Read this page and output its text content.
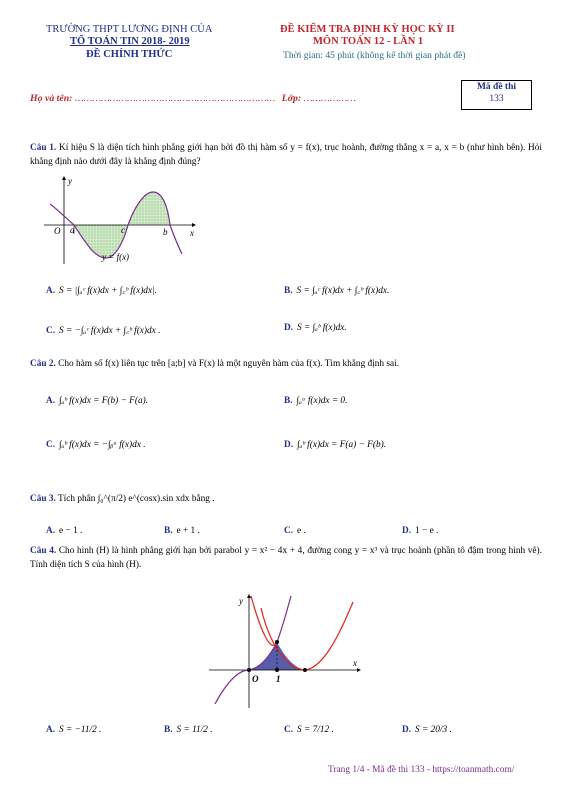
TRƯỜNG THPT LƯƠNG ĐỊNH CỦA
TỔ TOÁN TIN 2018- 2019
ĐỀ CHÍNH THỨC
ĐỀ KIỂM TRA ĐỊNH KỲ HỌC KỲ II
MÔN TOÁN 12 - LẦN 1
Thời gian: 45 phút (không kể thời gian phát đề)
Mã đề thi
133
Họ và tên: …………………………………………………………… Lớp: ………………
Câu 1. Kí hiệu S là diện tích hình phẳng giới hạn bởi đồ thị hàm số y = f(x), trục hoành, đường thẳng x = a, x = b (như hình bên). Hỏi khẳng định nào dưới đây là khẳng định đúng?
y
O a	c	b	x
y = f(x)
A. S = |∫ₐᶜ f(x)dx + ∫꜀ᵇ f(x)dx|.	B. S = ∫ₐᶜ f(x)dx + ∫꜀ᵇ f(x)dx.
C. S = −∫ₐᶜ f(x)dx + ∫꜀ᵇ f(x)dx .	D. S = ∫ₐᵇ f(x)dx.
Câu 2. Cho hàm số f(x) liên tục trên [a;b] và F(x) là một nguyên hàm của f(x). Tìm khẳng định sai.
A. ∫ₐᵇ f(x)dx = F(b) − F(a).	B. ∫ₐᵃ f(x)dx = 0.
C. ∫ₐᵇ f(x)dx = −∫ᵦᵃ f(x)dx .	D. ∫ₐᵇ f(x)dx = F(a) − F(b).
Câu 3. Tích phân ∫₀^(π/2) e^(cosx).sin xdx bằng .
A. e − 1 .	B. e + 1 .	C. e .	D. 1 − e .
Câu 4. Cho hình (H) là hình phẳng giới hạn bởi parabol y = x² − 4x + 4, đường cong y = x³ và trục hoành (phần tô đậm trong hình vẽ). Tính diện tích S của hình (H).
y
x
O 1
A. S = −11/2 .	B. S = 11/2 .	C. S = 7/12 .	D. S = 20/3 .
Trang 1/4 - Mã đề thi 133 - https://toanmath.com/
